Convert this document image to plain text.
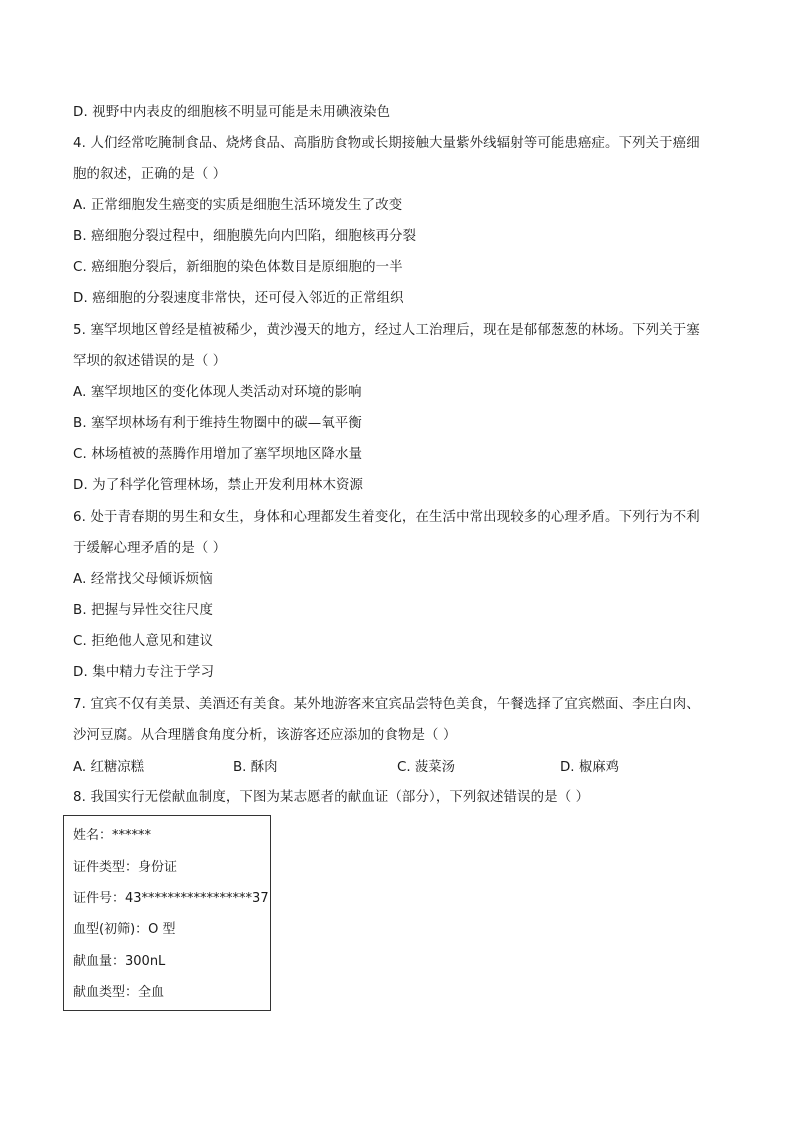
D. 视野中内表皮的细胞核不明显可能是未用碘液染色
4. 人们经常吃腌制食品、烧烤食品、高脂肪食物或长期接触大量紫外线辐射等可能患癌症。下列关于癌细
胞的叙述，正确的是（ ）
A. 正常细胞发生癌变的实质是细胞生活环境发生了改变
B. 癌细胞分裂过程中，细胞膜先向内凹陷，细胞核再分裂
C. 癌细胞分裂后，新细胞的染色体数目是原细胞的一半
D. 癌细胞的分裂速度非常快，还可侵入邻近的正常组织
5. 塞罕坝地区曾经是植被稀少，黄沙漫天的地方，经过人工治理后，现在是郁郁葱葱的林场。下列关于塞
罕坝的叙述错误的是（ ）
A. 塞罕坝地区的变化体现人类活动对环境的影响
B. 塞罕坝林场有利于维持生物圈中的碳—氧平衡
C. 林场植被的蒸腾作用增加了塞罕坝地区降水量
D. 为了科学化管理林场，禁止开发利用林木资源
6. 处于青春期的男生和女生，身体和心理都发生着变化，在生活中常出现较多的心理矛盾。下列行为不利
于缓解心理矛盾的是（ ）
A. 经常找父母倾诉烦恼
B. 把握与异性交往尺度
C. 拒绝他人意见和建议
D. 集中精力专注于学习
7. 宜宾不仅有美景、美酒还有美食。某外地游客来宜宾品尝特色美食，午餐选择了宜宾燃面、李庄白肉、
沙河豆腐。从合理膳食角度分析，该游客还应添加的食物是（ ）
A. 红糖凉糕	B. 酥肉	C. 菠菜汤	D. 椒麻鸡
8. 我国实行无偿献血制度，下图为某志愿者的献血证（部分），下列叙述错误的是（ ）
姓名：******
证件类型：身份证
证件号：43*****************37
血型(初筛)：O 型
献血量：300nL
献血类型：全血
